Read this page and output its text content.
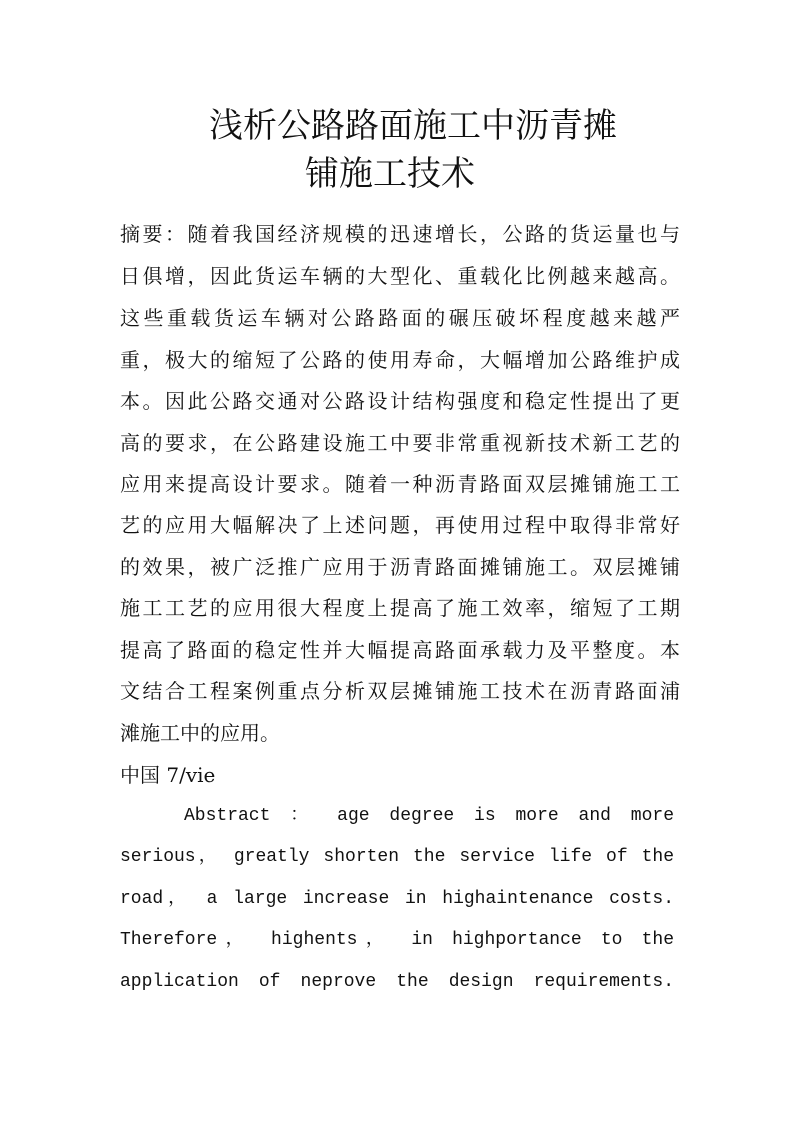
浅析公路路面施工中沥青摊
铺施工技术
摘要：随着我国经济规模的迅速增长，公路的货运量也与
日俱增，因此货运车辆的大型化、重载化比例越来越高。
这些重载货运车辆对公路路面的碾压破坏程度越来越严
重，极大的缩短了公路的使用寿命，大幅增加公路维护成
本。因此公路交通对公路设计结构强度和稳定性提出了更
高的要求，在公路建设施工中要非常重视新技术新工艺的
应用来提高设计要求。随着一种沥青路面双层摊铺施工工
艺的应用大幅解决了上述问题，再使用过程中取得非常好
的效果，被广泛推广应用于沥青路面摊铺施工。双层摊铺
施工工艺的应用很大程度上提高了施工效率，缩短了工期
提高了路面的稳定性并大幅提高路面承载力及平整度。本
文结合工程案例重点分析双层摊铺施工技术在沥青路面浦
滩施工中的应用。
中国 7/vie
Abstract ： age degree is more and more
serious， greatly shorten the service life of the
road， a large increase in highaintenance costs.
Therefore， highents， in highportance to the
application of neprove the design requirements.
